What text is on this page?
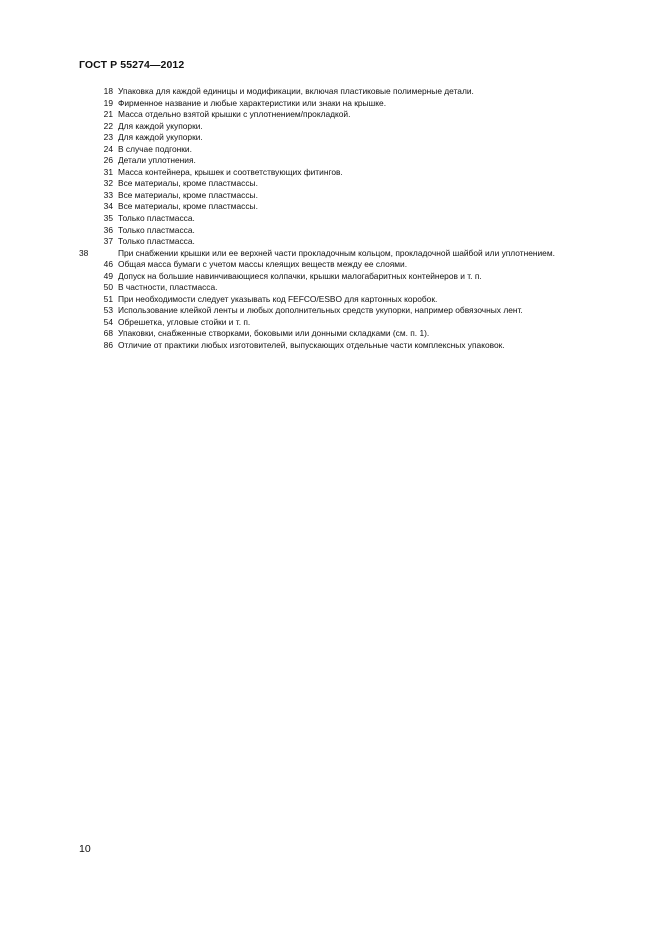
ГОСТ Р 55274—2012
18 Упаковка для каждой единицы и модификации, включая пластиковые полимерные детали.
19 Фирменное название и любые характеристики или знаки на крышке.
21 Масса отдельно взятой крышки с уплотнением/прокладкой.
22 Для каждой укупорки.
23 Для каждой укупорки.
24 В случае подгонки.
26 Детали уплотнения.
31 Масса контейнера, крышек и соответствующих фитингов.
32 Все материалы, кроме пластмассы.
33 Все материалы, кроме пластмассы.
34 Все материалы, кроме пластмассы.
35 Только пластмасса.
36 Только пластмасса.
37 Только пластмасса.
38	При снабжении крышки или ее верхней части прокладочным кольцом, прокладочной шайбой или уплотнением.
46 Общая масса бумаги с учетом массы клеящих веществ между ее слоями.
49 Допуск на большие навинчивающиеся колпачки, крышки малогабаритных контейнеров и т. п.
50 В частности, пластмасса.
51 При необходимости следует указывать код FEFCO/ESBO для картонных коробок.
53 Использование клейкой ленты и любых дополнительных средств укупорки, например обвязочных лент.
54 Обрешетка, угловые стойки и т. п.
68 Упаковки, снабженные створками, боковыми или донными складками (см. п. 1).
86 Отличие от практики любых изготовителей, выпускающих отдельные части комплексных упаковок.
10
